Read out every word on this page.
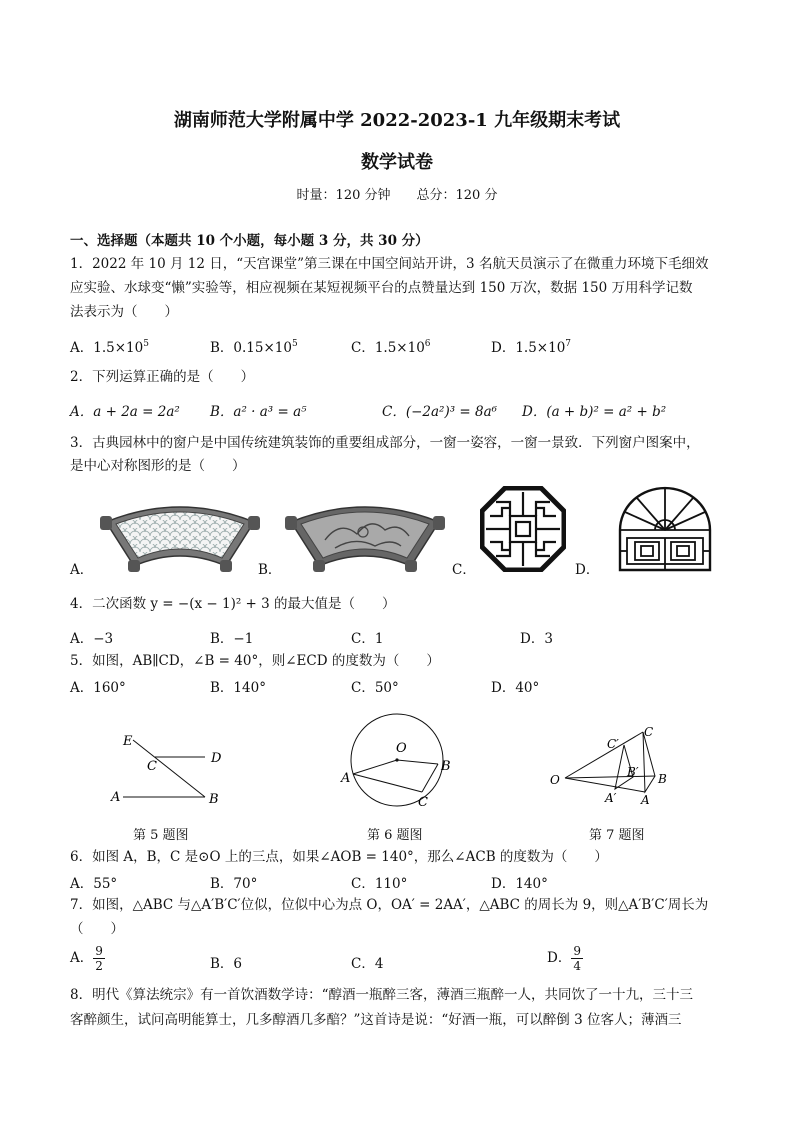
湖南师范大学附属中学 2022-2023-1 九年级期末考试
数学试卷
时量：120 分钟　　总分：120 分
一、选择题（本题共 10 个小题，每小题 3 分，共 30 分）
1．2022 年 10 月 12 日，“天宫课堂”第三课在中国空间站开讲，3 名航天员演示了在微重力环境下毛细效
应实验、水球变“懒”实验等，相应视频在某短视频平台的点赞量达到 150 万次，数据 150 万用科学记数
法表示为（　　）
A．$1.5\times 10^5$	B．$0.15\times 10^5$	C．$1.5\times 10^6$	D．$1.5\times 10^7$
2．下列运算正确的是（　　）
A．a + 2a = 2a² B．a² · a³ = a⁵	C．(−2a²)³ = 8a⁶ D．(a + b)² = a² + b²
3．古典园林中的窗户是中国传统建筑装饰的重要组成部分，一窗一姿容，一窗一景致．下列窗户图案中，
是中心对称图形的是（　　）
A．	B．	C．	D．
4．二次函数 y = −(x − 1)² + 3 的最大值是（　　）
A．−3	B．−1	C．1	D．3
5．如图，AB∥CD，∠B = 40°，则∠ECD 的度数为（　　）
A．160°	B．140°	C．50°	D．40°
E
D
C
A	B
第 5 题图
O
A
B
C
第 6 题图
C′
C
B′
O	B
A′ A
第 7 题图
6．如图 A，B，C 是⊙O 上的三点，如果∠AOB = 140°，那么∠ACB 的度数为（　　）
A．55°	B．70°	C．110°	D．140°
7．如图，△ABC 与△A′B′C′位似，位似中心为点 O，OA′ = 2AA′，△ABC 的周长为 9，则△A′B′C′周长为
（　　）
A． $\frac{9}{2}$	B．6	C．4	D． $\frac{9}{4}$
8．明代《算法统宗》有一首饮酒数学诗：“醇酒一瓶醉三客，薄酒三瓶醉一人，共同饮了一十九，三十三
客醉颜生，试问高明能算士，几多醇酒几多醅？”这首诗是说：“好酒一瓶，可以醉倒 3 位客人；薄酒三
